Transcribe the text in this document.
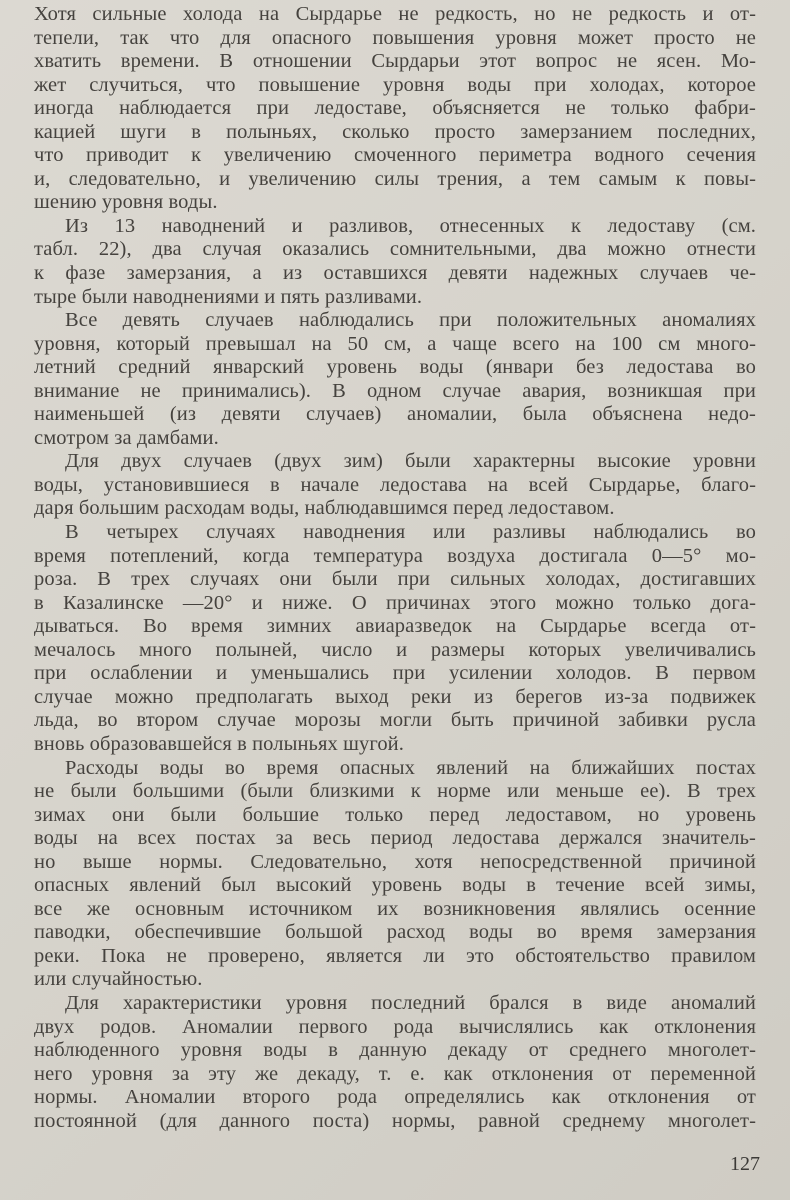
Хотя сильные холода на Сырдарье не редкость, но не редкость и от-
тепели, так что для опасного повышения уровня может просто не
хватить времени. В отношении Сырдарьи этот вопрос не ясен. Мо-
жет случиться, что повышение уровня воды при холодах, которое
иногда наблюдается при ледоставе, объясняется не только фабри-
кацией шуги в полыньях, сколько просто замерзанием последних,
что приводит к увеличению смоченного периметра водного сечения
и, следовательно, и увеличению силы трения, а тем самым к повы-
шению уровня воды.
Из 13 наводнений и разливов, отнесенных к ледоставу (см.
табл. 22), два случая оказались сомнительными, два можно отнести
к фазе замерзания, а из оставшихся девяти надежных случаев че-
тыре были наводнениями и пять разливами.
Все девять случаев наблюдались при положительных аномалиях
уровня, который превышал на 50 см, а чаще всего на 100 см много-
летний средний январский уровень воды (январи без ледостава во
внимание не принимались). В одном случае авария, возникшая при
наименьшей (из девяти случаев) аномалии, была объяснена недо-
смотром за дамбами.
Для двух случаев (двух зим) были характерны высокие уровни
воды, установившиеся в начале ледостава на всей Сырдарье, благо-
даря большим расходам воды, наблюдавшимся перед ледоставом.
В четырех случаях наводнения или разливы наблюдались во
время потеплений, когда температура воздуха достигала 0—5° мо-
роза. В трех случаях они были при сильных холодах, достигавших
в Казалинске —20° и ниже. О причинах этого можно только дога-
дываться. Во время зимних авиаразведок на Сырдарье всегда от-
мечалось много полыней, число и размеры которых увеличивались
при ослаблении и уменьшались при усилении холодов. В первом
случае можно предполагать выход реки из берегов из-за подвижек
льда, во втором случае морозы могли быть причиной забивки русла
вновь образовавшейся в полыньях шугой.
Расходы воды во время опасных явлений на ближайших постах
не были большими (были близкими к норме или меньше ее). В трех
зимах они были большие только перед ледоставом, но уровень
воды на всех постах за весь период ледостава держался значитель-
но выше нормы. Следовательно, хотя непосредственной причиной
опасных явлений был высокий уровень воды в течение всей зимы,
все же основным источником их возникновения являлись осенние
паводки, обеспечившие большой расход воды во время замерзания
реки. Пока не проверено, является ли это обстоятельство правилом
или случайностью.
Для характеристики уровня последний брался в виде аномалий
двух родов. Аномалии первого рода вычислялись как отклонения
наблюденного уровня воды в данную декаду от среднего многолет-
него уровня за эту же декаду, т. е. как отклонения от переменной
нормы. Аномалии второго рода определялись как отклонения от
постоянной (для данного поста) нормы, равной среднему многолет-
127
